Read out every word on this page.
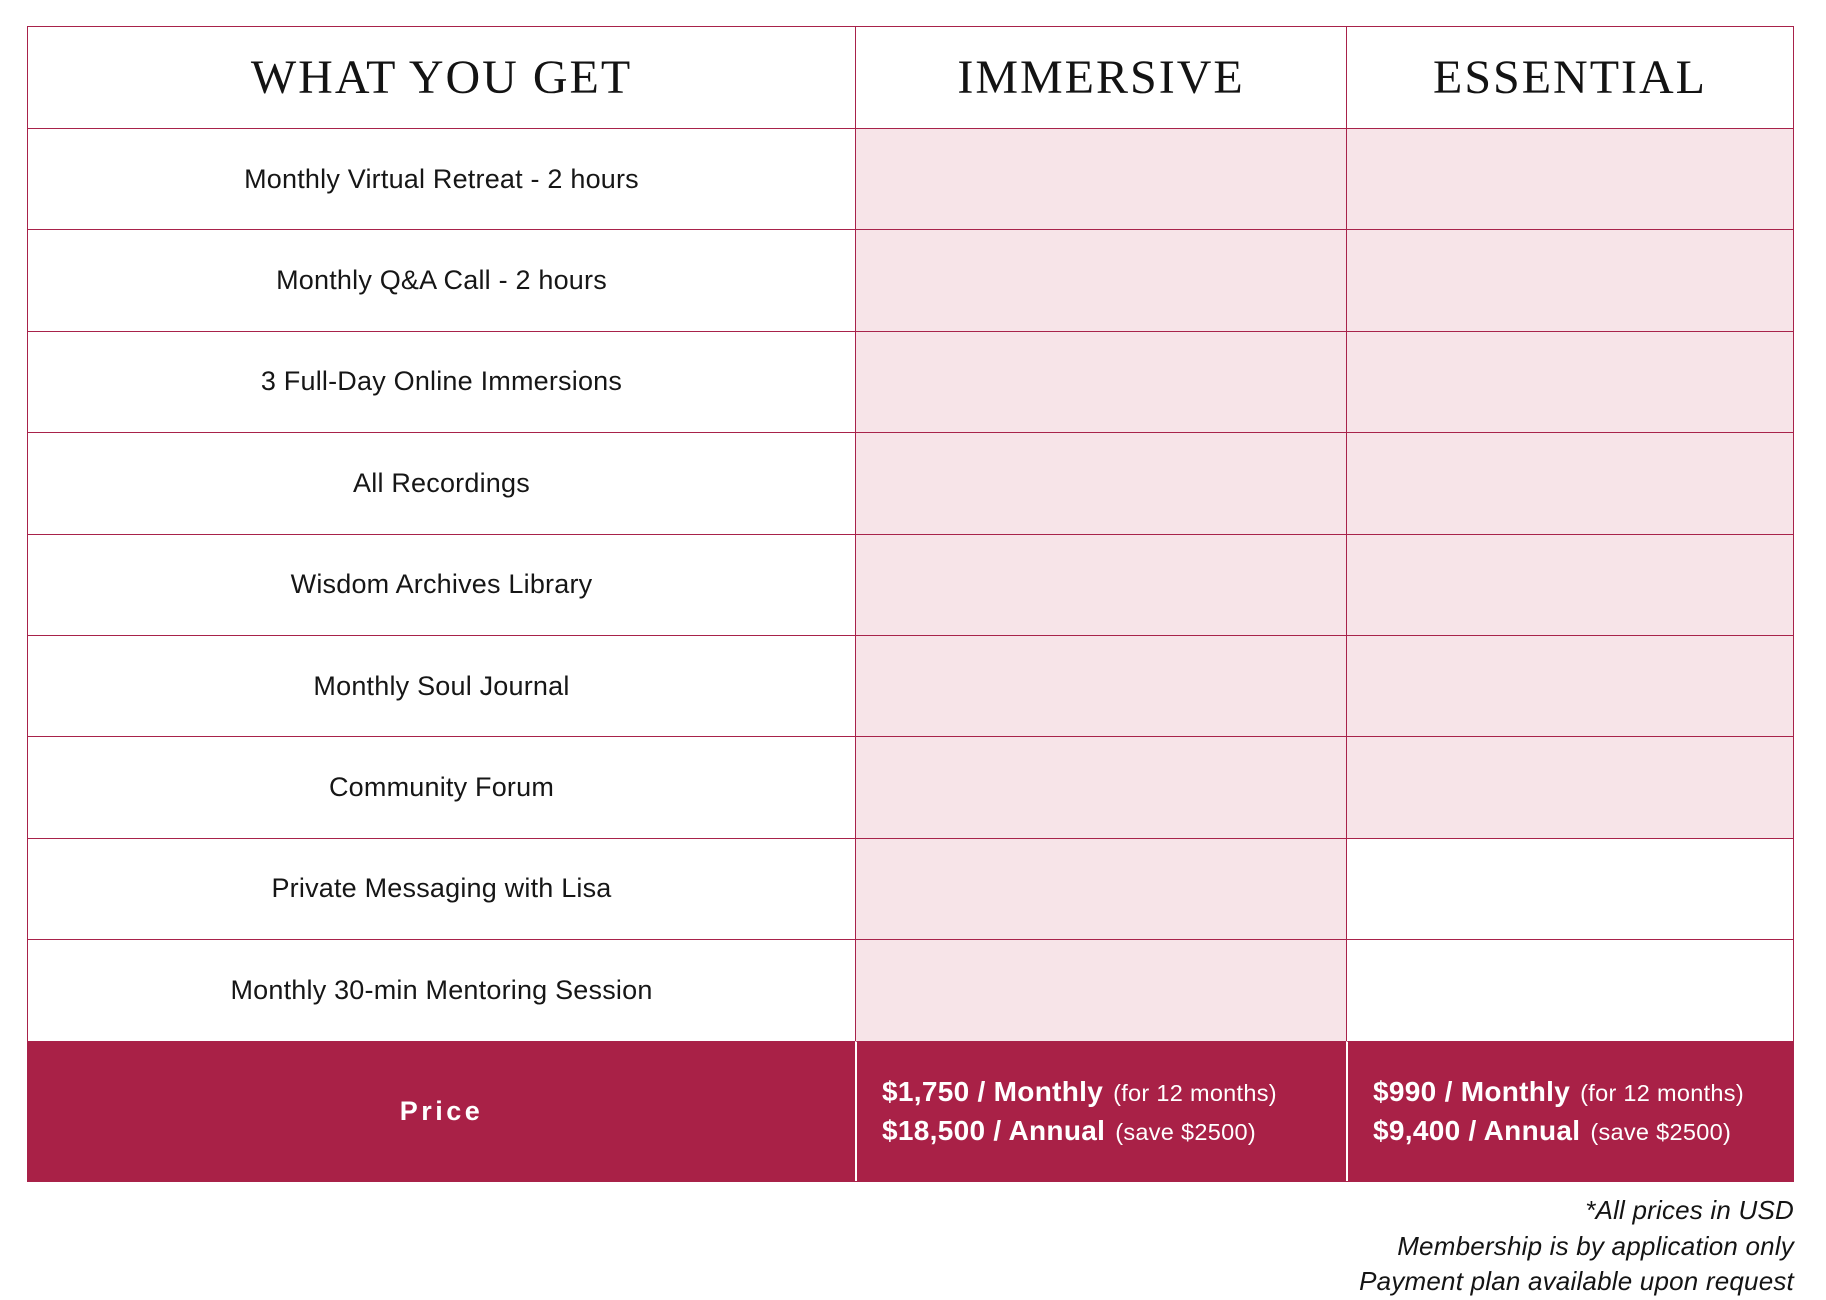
WHAT YOU GET	IMMERSIVE	ESSENTIAL
Monthly Virtual Retreat - 2 hours
Monthly Q&A Call - 2 hours
3 Full-Day Online Immersions
All Recordings
Wisdom Archives Library
Monthly Soul Journal
Community Forum
Private Messaging with Lisa
Monthly 30-min Mentoring Session
Price
$1,750 / Monthly (for 12 months)
$18,500 / Annual (save $2500)
$990 / Monthly (for 12 months)
$9,400 / Annual (save $2500)
*All prices in USD
Membership is by application only
Payment plan available upon request
